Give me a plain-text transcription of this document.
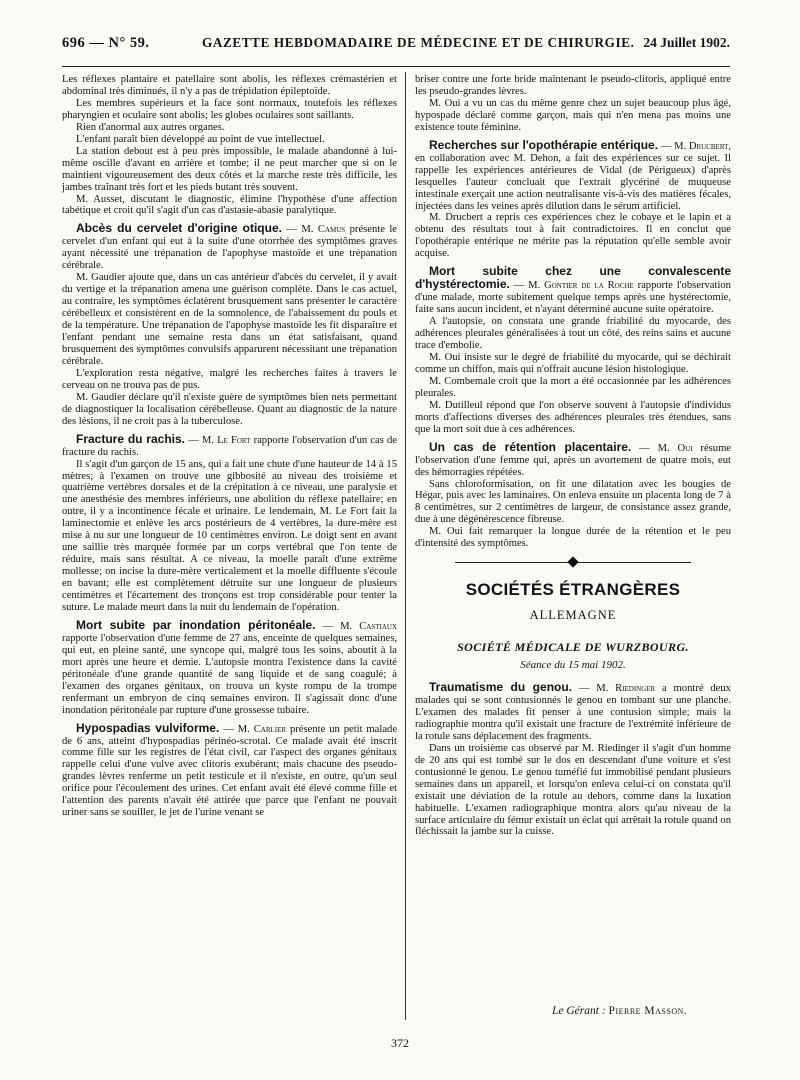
696 — N° 59.	GAZETTE HEBDOMADAIRE DE MÉDECINE ET DE CHIRURGIE. 24 Juillet 1902.

Les réflexes plantaire et patellaire sont abolis, les réflexes crémastérien et abdominal très diminués, il n'y a pas de trépidation épileptoïde.

Les membres supérieurs et la face sont normaux, toutefois les réflexes pharyngien et oculaire sont abolis; les globes oculaires sont saillants.

Rien d'anormal aux autres organes.

L'enfant paraît bien développé au point de vue intellectuel.

La station debout est à peu près impossible, le malade abandonné à lui-même oscille d'avant en arrière et tombe; il ne peut marcher que si on le maintient vigoureusement des deux côtés et la marche reste très difficile, les jambes traînant très fort et les pieds butant très souvent.

M. Ausset, discutant le diagnostic, élimine l'hypothèse d'une affection tabétique et croit qu'il s'agit d'un cas d'astasie-abasie paralytique.

Abcès du cervelet d'origine otique. — M. Camus présente le cervelet d'un enfant qui eut à la suite d'une otorrhée des symptômes graves ayant nécessité une trépanation de l'apophyse mastoïde et une trépanation cérébrale.

M. Gaudier ajoute que, dans un cas antérieur d'abcès du cervelet, il y avait du vertige et la trépanation amena une guérison complète. Dans le cas actuel, au contraire, les symptômes éclatèrent brusquement sans présenter le caractère cérébelleux et consistèrent en de la somnolence, de l'abaissement du pouls et de la température. Une trépanation de l'apophyse mastoïde les fit disparaître et l'enfant pendant une semaine resta dans un état satisfaisant, quand brusquement des symptômes convulsifs apparurent nécessitant une trépanation cérébrale.

L'exploration resta négative, malgré les recherches faites à travers le cerveau on ne trouva pas de pus.

M. Gaudier déclare qu'il n'existe guère de symptômes bien nets permettant de diagnostiquer la localisation cérébelleuse. Quant au diagnostic de la nature des lésions, il ne croit pas à la tuberculose.

Fracture du rachis. — M. Le Fort rapporte l'observation d'un cas de fracture du rachis.

Il s'agit d'un garçon de 15 ans, qui a fait une chute d'une hauteur de 14 à 15 mètres; à l'examen on trouve une gibbosité au niveau des troisième et quatrième vertèbres dorsales et de la crépitation à ce niveau, une paralysie et une anesthésie des membres inférieurs, une abolition du réflexe patellaire; en outre, il y a incontinence fécale et urinaire. Le lendemain, M. Le Fort fait la laminectomie et enlève les arcs postérieurs de 4 vertèbres, la dure-mère est mise à nu sur une longueur de 10 centimètres environ. Le doigt sent en avant une saillie très marquée formée par un corps vertébral que l'on tente de réduire, mais sans résultat. A ce niveau, la moelle paraît d'une extrême mollesse; on incise la dure-mère verticalement et la moelle diffluente s'écoule en bavant; elle est complètement détruite sur une longueur de plusieurs centimètres et l'écartement des tronçons est trop considérable pour tenter la suture. Le malade meurt dans la nuit du lendemain de l'opération.

Mort subite par inondation péritonéale. — M. Castiaux rapporte l'observation d'une femme de 27 ans, enceinte de quelques semaines, qui eut, en pleine santé, une syncope qui, malgré tous les soins, aboutit à la mort après une heure et demie. L'autopsie montra l'existence dans la cavité péritonéale d'une grande quantité de sang liquide et de sang coagulé; à l'examen des organes génitaux, on trouva un kyste rompu de la trompe renfermant un embryon de cinq semaines environ. Il s'agissait donc d'une inondation péritonéale par rupture d'une grossesse tubaire.

Hypospadias vulviforme. — M. Carlier présente un petit malade de 6 ans, atteint d'hypospadias périnéo-scrotal. Ce malade avait été inscrit comme fille sur les registres de l'état civil, car l'aspect des organes génitaux rappelle celui d'une vulve avec clitoris exubérant; mais chacune des pseudo-grandes lèvres renferme un petit testicule et il n'existe, en outre, qu'un seul orifice pour l'écoulement des urines. Cet enfant avait été élevé comme fille et l'attention des parents n'avait été attirée que parce que l'enfant ne pouvait uriner sans se souiller, le jet de l'urine venant se

briser contre une forte bride maintenant le pseudo-clitoris, appliqué entre les pseudo-grandes lèvres.

M. Oui a vu un cas du même genre chez un sujet beaucoup plus âgé, hypospade déclaré comme garçon, mais qui n'en mena pas moins une existence toute féminine.

Recherches sur l'opothérapie entérique. — M. Drucbert, en collaboration avec M. Dehon, a fait des expériences sur ce sujet. Il rappelle les expériences antérieures de Vidal (de Périgueux) d'après lesquelles l'auteur concluait que l'extrait glycériné de muqueuse intestinale exerçait une action neutralisante vis-à-vis des matières fécales, injectées dans les veines après dilution dans le sérum artificiel.

M. Drucbert a repris ces expériences chez le cobaye et le lapin et a obtenu des résultats tout à fait contradictoires. Il en conclut que l'opothérapie entérique ne mérite pas la réputation qu'elle semble avoir acquise.

Mort subite chez une convalescente d'hystérectomie. — M. Gontier de la Roche rapporte l'observation d'une malade, morte subitement quelque temps après une hystérectomie, faite sans aucun incident, et n'ayant déterminé aucune suite opératoire.

A l'autopsie, on constata une grande friabilité du myocarde, des adhérences pleurales généralisées à tout un côté, des reins sains et aucune trace d'embolie.

M. Oui insiste sur le degré de friabilité du myocarde, qui se déchirait comme un chiffon, mais qui n'offrait aucune lésion histologique.

M. Combemale croit que la mort a été occasionnée par les adhérences pleurales.

M. Dutilleul répond que l'on observe souvent à l'autopsie d'individus morts d'affections diverses des adhérences pleurales très étendues, sans que la mort soit due à ces adhérences.

Un cas de rétention placentaire. — M. Oui résume l'observation d'une femme qui, après un avortement de quatre mois, eut des hémorragies répétées.

Sans chloroformisation, on fit une dilatation avec les bougies de Hégar, puis avec les laminaires. On enleva ensuite un placenta long de 7 à 8 centimètres, sur 2 centimètres de largeur, de consistance assez grande, due à une dégénérescence fibreuse.

M. Oui fait remarquer la longue durée de la rétention et le peu d'intensité des symptômes.

SOCIÉTÉS ÉTRANGÈRES
ALLEMAGNE
SOCIÉTÉ MÉDICALE DE WURZBOURG.
Séance du 15 mai 1902.

Traumatisme du genou. — M. Riedinger a montré deux malades qui se sont contusionnés le genou en tombant sur une planche. L'examen des malades fit penser à une contusion simple; mais la radiographie montra qu'il existait une fracture de l'extrémité inférieure de la rotule sans déplacement des fragments.

Dans un troisième cas observé par M. Riedinger il s'agit d'un homme de 20 ans qui est tombé sur le dos en descendant d'une voiture et s'est contusionné le genou. Le genou tuméfié fut immobilisé pendant plusieurs semaines dans un appareil, et lorsqu'on enleva celui-ci on constata qu'il existait une déviation de la rotule au dehors, comme dans la luxation habituelle. L'examen radiographique montra alors qu'au niveau de la surface articulaire du fémur existait un éclat qui arrêtait la rotule quand on fléchissait la jambe sur la cuisse.

Le Gérant : Pierre Masson.
372
